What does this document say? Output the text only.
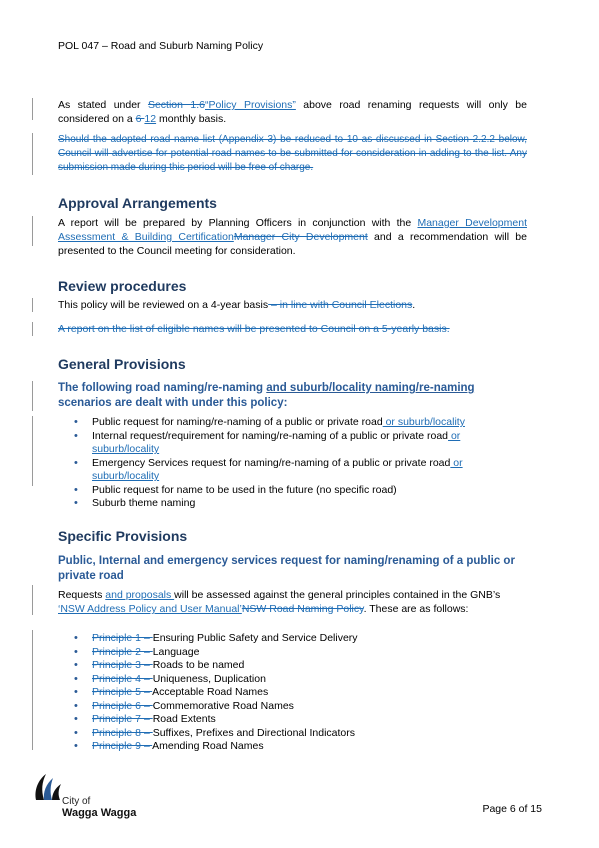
POL 047 – Road and Suburb Naming Policy
As stated under Section 1.6“Policy Provisions” above road renaming requests will only be considered on a 6 12 monthly basis.
Should the adopted road name list (Appendix 3) be reduced to 10 as discussed in Section 2.2.2 below, Council will advertise for potential road names to be submitted for consideration in adding to the list. Any submission made during this period will be free of charge.
Approval Arrangements
A report will be prepared by Planning Officers in conjunction with the Manager Development Assessment & Building CertificationManager City Development and a recommendation will be presented to the Council meeting for consideration.
Review procedures
This policy will be reviewed on a 4-year basis – in line with Council Elections.
A report on the list of eligible names will be presented to Council on a 5-yearly basis.
General Provisions
The following road naming/re-naming and suburb/locality naming/re-naming scenarios are dealt with under this policy:
• Public request for naming/re-naming of a public or private road or suburb/locality
• Internal request/requirement for naming/re-naming of a public or private road or suburb/locality
• Emergency Services request for naming/re-naming of a public or private road or suburb/locality
• Public request for name to be used in the future (no specific road)
• Suburb theme naming
Specific Provisions
Public, Internal and emergency services request for naming/renaming of a public or private road
Requests and proposals will be assessed against the general principles contained in the GNB’s ‘NSW Address Policy and User Manual’NSW Road Naming Policy. These are as follows:
• Principle 1 – Ensuring Public Safety and Service Delivery
• Principle 2 – Language
• Principle 3 – Roads to be named
• Principle 4 – Uniqueness, Duplication
• Principle 5 – Acceptable Road Names
• Principle 6 – Commemorative Road Names
• Principle 7 – Road Extents
• Principle 8 – Suffixes, Prefixes and Directional Indicators
• Principle 9 – Amending Road Names
City of
Wagga Wagga	Page 6 of 15
